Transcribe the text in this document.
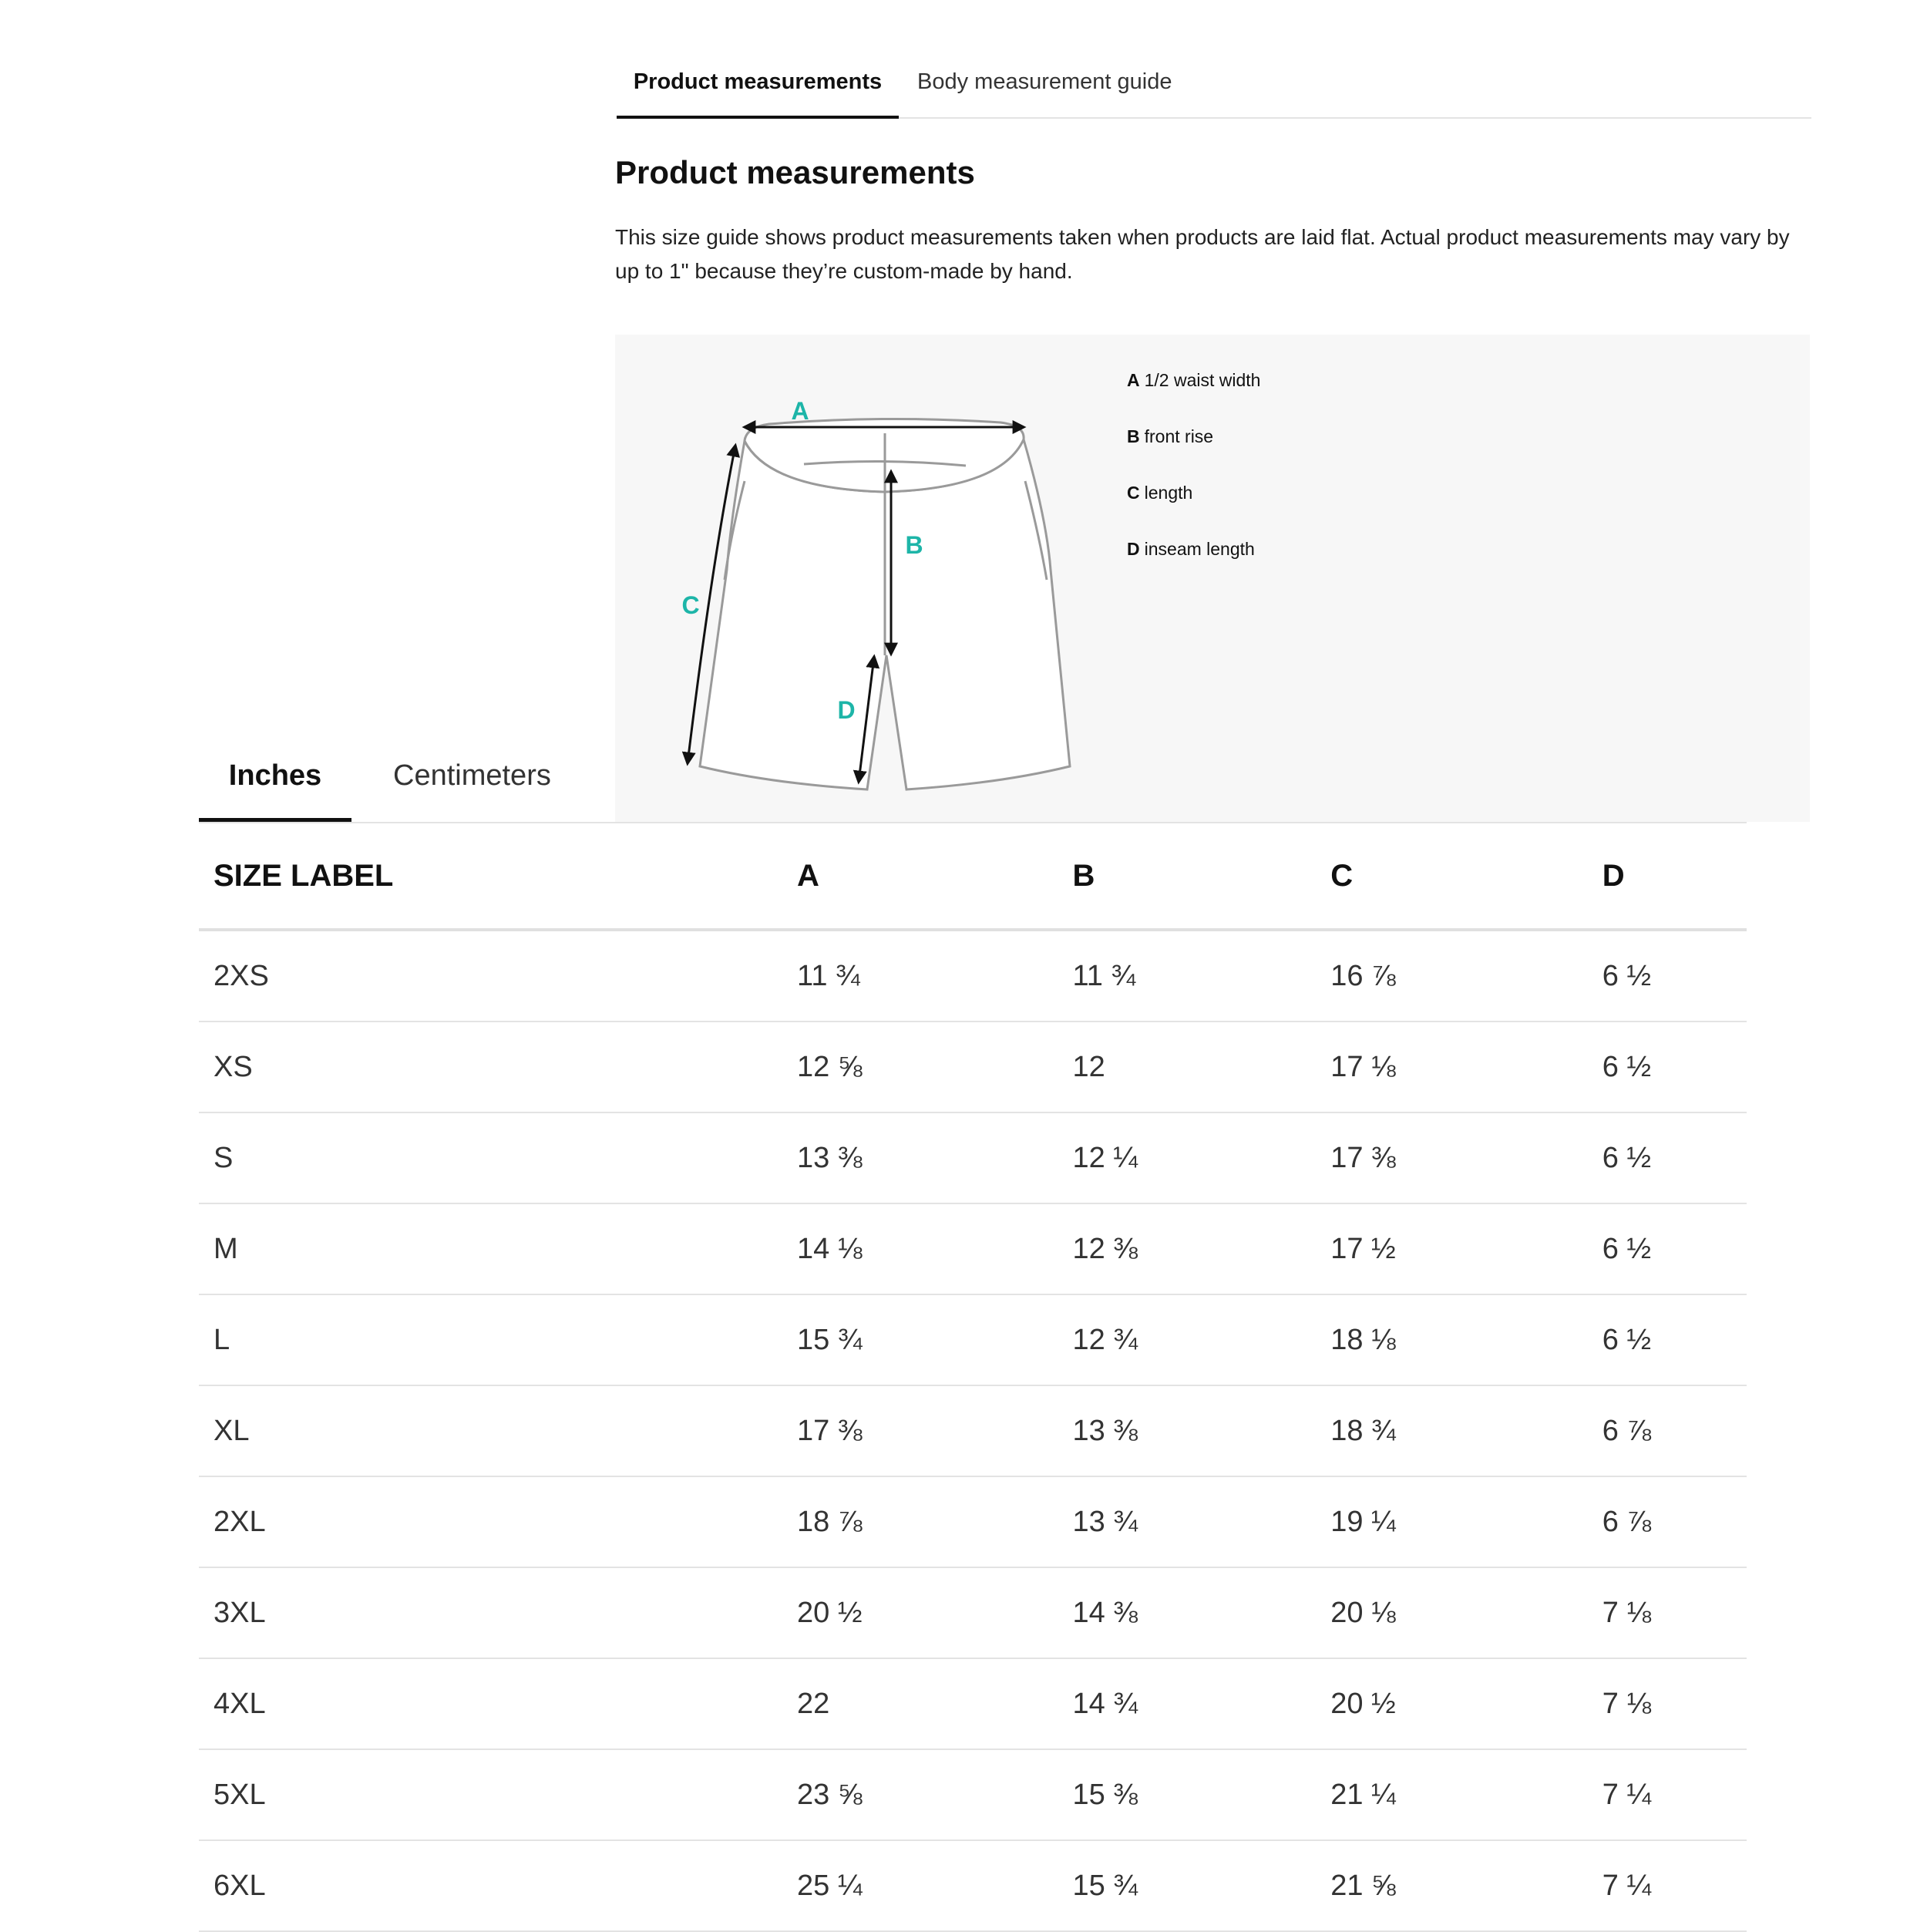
Product measurements	Body measurement guide
Product measurements
This size guide shows product measurements taken when products are laid flat. Actual product measurements may vary by up to 1" because they’re custom-made by hand.
A
B
C
D
A 1/2 waist width
B front rise
C length
D inseam length
Inches	Centimeters
SIZE LABEL	A	B	C	D
2XS	11 ¾	11 ¾	16 ⅞	6 ½
XS	12 ⅝	12	17 ⅛	6 ½
S	13 ⅜	12 ¼	17 ⅜	6 ½
M	14 ⅛	12 ⅜	17 ½	6 ½
L	15 ¾	12 ¾	18 ⅛	6 ½
XL	17 ⅜	13 ⅜	18 ¾	6 ⅞
2XL	18 ⅞	13 ¾	19 ¼	6 ⅞
3XL	20 ½	14 ⅜	20 ⅛	7 ⅛
4XL	22	14 ¾	20 ½	7 ⅛
5XL	23 ⅝	15 ⅜	21 ¼	7 ¼
6XL	25 ¼	15 ¾	21 ⅝	7 ¼
